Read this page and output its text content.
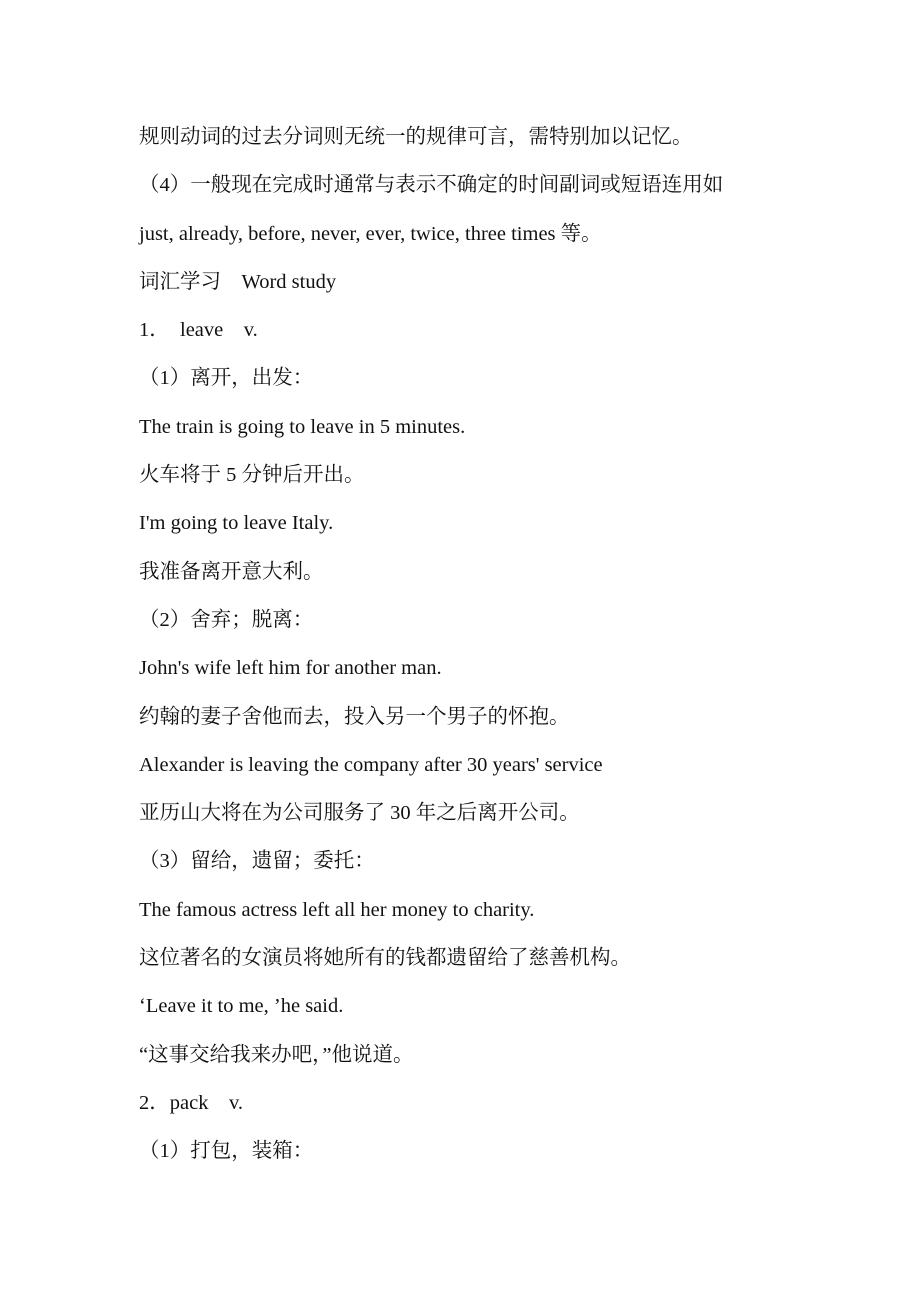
规则动词的过去分词则无统一的规律可言，需特别加以记忆。
（4）一般现在完成时通常与表示不确定的时间副词或短语连用如
just, already, before, never, ever, twice, three times 等。
词汇学习　Word study
1．　leave　v.
（1）离开，出发：
The train is going to leave in 5 minutes.
火车将于 5 分钟后开出。
I'm going to leave Italy.
我准备离开意大利。
（2）舍弃；脱离：
John's wife left him for another man.
约翰的妻子舍他而去，投入另一个男子的怀抱。
Alexander is leaving the company after 30 years' service
亚历山大将在为公司服务了 30 年之后离开公司。
（3）留给，遗留；委托：
The famous actress left all her money to charity.
这位著名的女演员将她所有的钱都遗留给了慈善机构。
‘Leave it to me, ’he said.
“这事交给我来办吧，”他说道。
2．pack　v.
（1）打包，装箱：
